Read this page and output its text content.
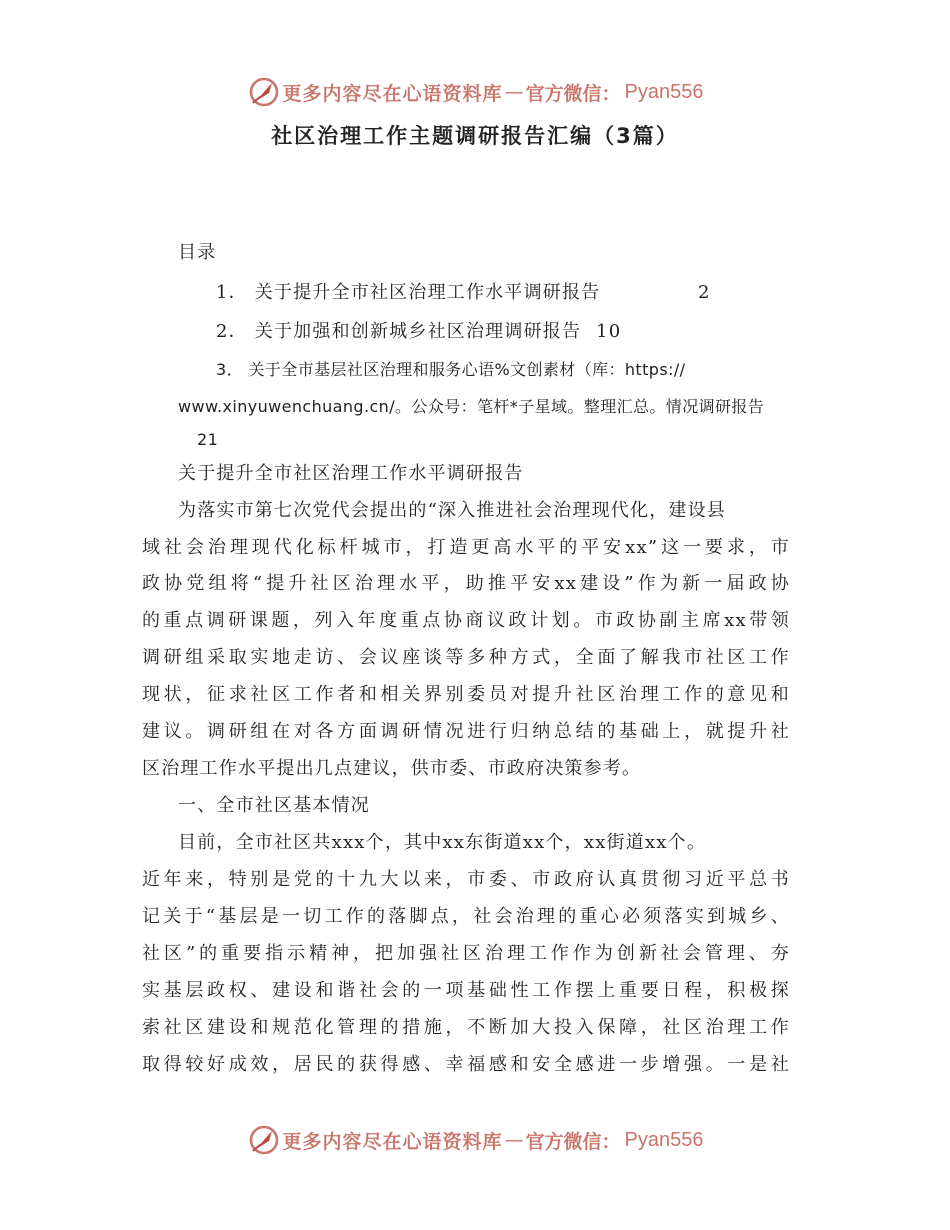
更多内容尽在心语资料库 — 官方微信： Pyan556
社区治理工作主题调研报告汇编（3篇）
目录
1． 关于提升全市社区治理工作水平调研报告	2
2． 关于加强和创新城乡社区治理调研报告 10
3． 关于全市基层社区治理和服务心语%文创素材（库：https://
www.xinyuwenchuang.cn/。公众号：笔杆*子星域。整理汇总。情况调研报告
21
关于提升全市社区治理工作水平调研报告
为落实市第七次党代会提出的“深入推进社会治理现代化，建设县
域社会治理现代化标杆城市，打造更高水平的平安xx”这一要求，市
政协党组将“提升社区治理水平，助推平安xx建设”作为新一届政协
的重点调研课题，列入年度重点协商议政计划。市政协副主席xx带领
调研组采取实地走访、会议座谈等多种方式，全面了解我市社区工作
现状，征求社区工作者和相关界别委员对提升社区治理工作的意见和
建议。调研组在对各方面调研情况进行归纳总结的基础上，就提升社
区治理工作水平提出几点建议，供市委、市政府决策参考。
一、全市社区基本情况
目前，全市社区共xxx个，其中xx东街道xx个，xx街道xx个。
近年来，特别是党的十九大以来，市委、市政府认真贯彻习近平总书
记关于“基层是一切工作的落脚点，社会治理的重心必须落实到城乡、
社区”的重要指示精神，把加强社区治理工作作为创新社会管理、夯
实基层政权、建设和谐社会的一项基础性工作摆上重要日程，积极探
索社区建设和规范化管理的措施，不断加大投入保障，社区治理工作
取得较好成效，居民的获得感、幸福感和安全感进一步增强。一是社
更多内容尽在心语资料库 — 官方微信： Pyan556
